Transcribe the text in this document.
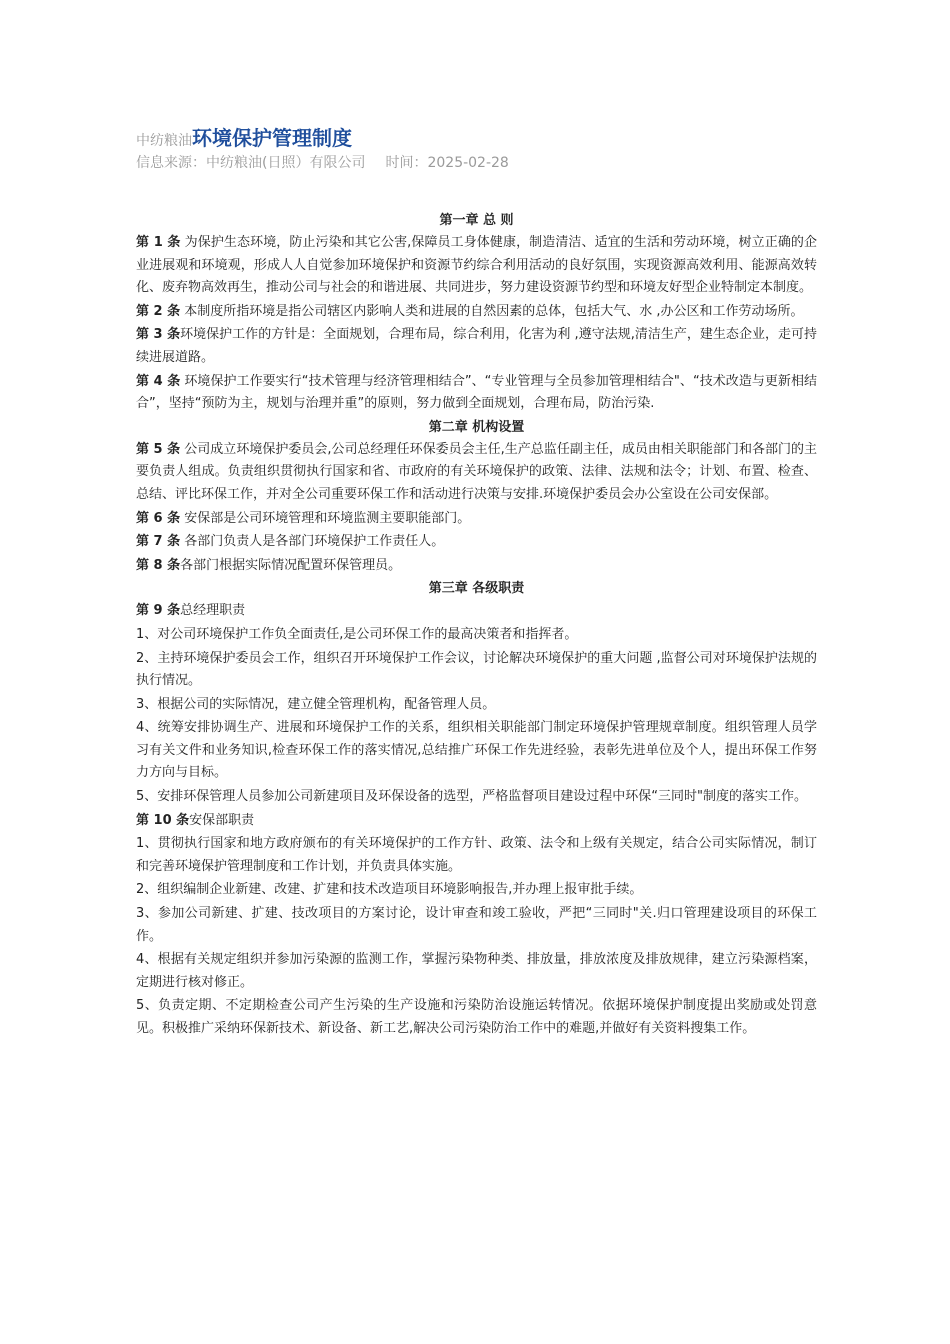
中纺粮油环境保护管理制度
信息来源：中纺粮油(日照）有限公司 时间：2025-02-28
第一章 总 则
第 1 条 为保护生态环境，防止污染和其它公害,保障员工身体健康，制造清洁、适宜的生活和劳动环境，树立正确的企业进展观和环境观，形成人人自觉参加环境保护和资源节约综合利用活动的良好氛围，实现资源高效利用、能源高效转化、废弃物高效再生，推动公司与社会的和谐进展、共同进步，努力建设资源节约型和环境友好型企业特制定本制度。
第 2 条 本制度所指环境是指公司辖区内影响人类和进展的自然因素的总体，包括大气、水 ,办公区和工作劳动场所。
第 3 条环境保护工作的方针是：全面规划，合理布局，综合利用，化害为利 ,遵守法规,清洁生产，建生态企业，走可持续进展道路。
第 4 条 环境保护工作要实行“技术管理与经济管理相结合”、“专业管理与全员参加管理相结合"、“技术改造与更新相结合”，坚持“预防为主，规划与治理并重”的原则，努力做到全面规划，合理布局，防治污染.
第二章 机构设置
第 5 条 公司成立环境保护委员会,公司总经理任环保委员会主任,生产总监任副主任，成员由相关职能部门和各部门的主要负责人组成。负责组织贯彻执行国家和省、市政府的有关环境保护的政策、法律、法规和法令；计划、布置、检查、总结、评比环保工作，并对全公司重要环保工作和活动进行决策与安排.环境保护委员会办公室设在公司安保部。
第 6 条 安保部是公司环境管理和环境监测主要职能部门。
第 7 条 各部门负责人是各部门环境保护工作责任人。
第 8 条各部门根据实际情况配置环保管理员。
第三章 各级职责
第 9 条总经理职责
1、对公司环境保护工作负全面责任,是公司环保工作的最高决策者和指挥者。
2、主持环境保护委员会工作，组织召开环境保护工作会议，讨论解决环境保护的重大问题 ,监督公司对环境保护法规的执行情况。
3、根据公司的实际情况，建立健全管理机构，配备管理人员。
4、统筹安排协调生产、进展和环境保护工作的关系，组织相关职能部门制定环境保护管理规章制度。组织管理人员学习有关文件和业务知识,检查环保工作的落实情况,总结推广环保工作先进经验，表彰先进单位及个人，提出环保工作努力方向与目标。
5、安排环保管理人员参加公司新建项目及环保设备的选型，严格监督项目建设过程中环保“三同时"制度的落实工作。
第 10 条安保部职责
1、贯彻执行国家和地方政府颁布的有关环境保护的工作方针、政策、法令和上级有关规定，结合公司实际情况，制订和完善环境保护管理制度和工作计划，并负责具体实施。
2、组织编制企业新建、改建、扩建和技术改造项目环境影响报告,并办理上报审批手续。
3、参加公司新建、扩建、技改项目的方案讨论，设计审查和竣工验收，严把“三同时"关.归口管理建设项目的环保工作。
4、根据有关规定组织并参加污染源的监测工作，掌握污染物种类、排放量，排放浓度及排放规律，建立污染源档案，定期进行核对修正。
5、负责定期、不定期检查公司产生污染的生产设施和污染防治设施运转情况。依据环境保护制度提出奖励或处罚意见。积极推广采纳环保新技术、新设备、新工艺,解决公司污染防治工作中的难题,并做好有关资料搜集工作。
